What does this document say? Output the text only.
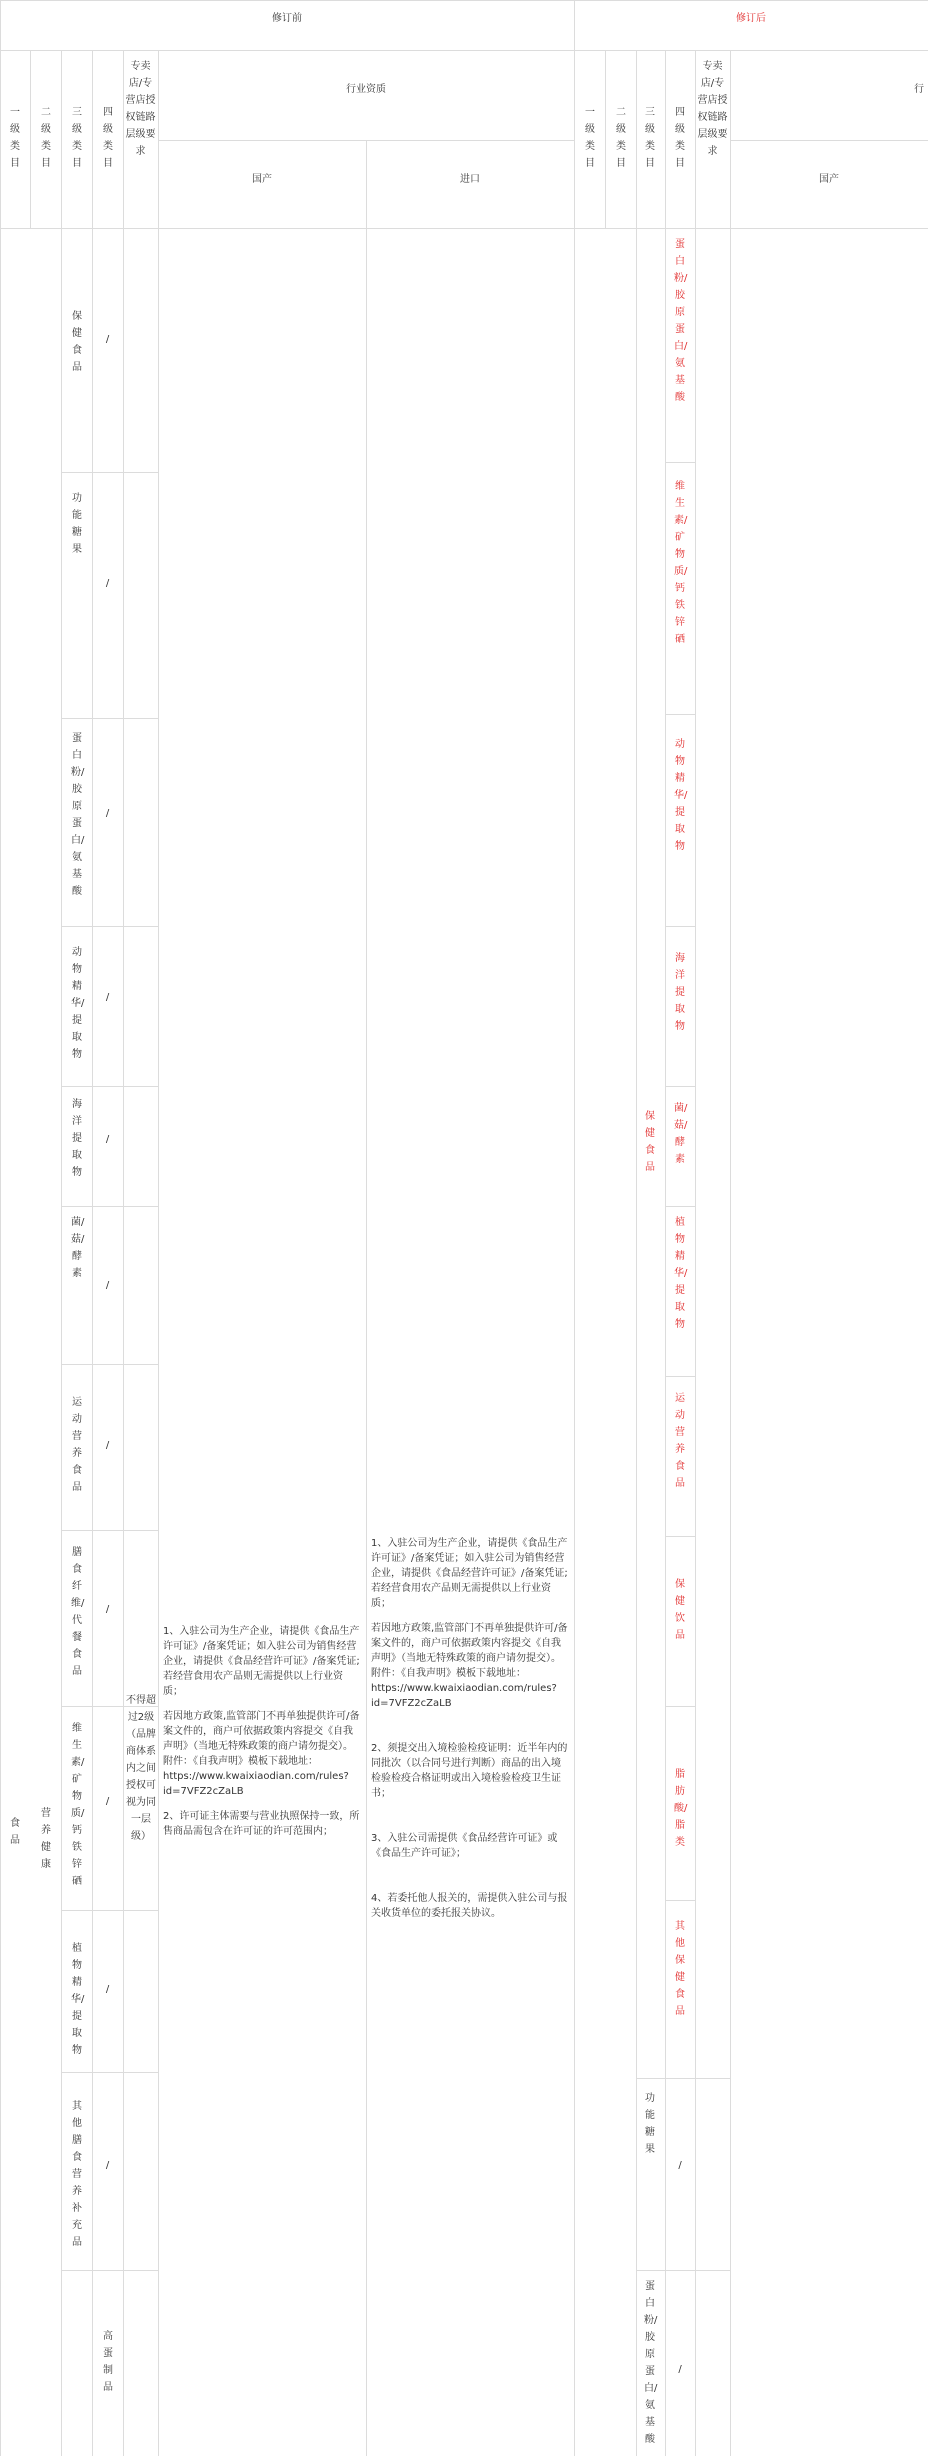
修订前	修订后
一级类目
二级类目
三级类目
四级类目
专卖店/专营店授权链路层级要求
行业资质
国产	进口
一级类目
二级类目
三级类目
四级类目
专卖店/专营店授权链路层级要求
行
国产
食品
营养健康
保健食品
功能糖果
蛋白粉/胶原蛋白/氨基酸
动物精华/提取物
海洋提取物
菌/菇/酵素
运动营养食品
膳食纤维/代餐食品
维生素/矿物质/钙铁锌硒
植物精华/提取物
其他膳食营养补充品
/
/
/
/
/
/
/
/
/
/
/
高蛋制品
不得超过2级（品牌商体系内之间授权可视为同一层级）
1、入驻公司为生产企业，请提供《食品生产许可证》/备案凭证；如入驻公司为销售经营企业，请提供《食品经营许可证》/备案凭证;若经营食用农产品则无需提供以上行业资质；
若因地方政策,监管部门不再单独提供许可/备案文件的，商户可依据政策内容提交《自我声明》（当地无特殊政策的商户请勿提交）。附件：《自我声明》模板下载地址：https://www.kwaixiaodian.com/rules?id=7VFZ2cZaLB
2、许可证主体需要与营业执照保持一致，所售商品需包含在许可证的许可范围内；
1、入驻公司为生产企业，请提供《食品生产许可证》/备案凭证；如入驻公司为销售经营企业，请提供《食品经营许可证》/备案凭证;若经营食用农产品则无需提供以上行业资质；
若因地方政策,监管部门不再单独提供许可/备案文件的，商户可依据政策内容提交《自我声明》（当地无特殊政策的商户请勿提交）。附件：《自我声明》模板下载地址：https://www.kwaixiaodian.com/rules?id=7VFZ2cZaLB
2、须提交出入境检验检疫证明：近半年内的同批次（以合同号进行判断）商品的出入境检验检疫合格证明或出入境检验检疫卫生证书；
3、入驻公司需提供《食品经营许可证》或《食品生产许可证》；
4、若委托他人报关的，需提供入驻公司与报关收货单位的委托报关协议。
保健食品
蛋白粉/胶原蛋白/氨基酸
维生素/矿物质/钙铁锌硒
动物精华/提取物
海洋提取物
菌/菇/酵素
植物精华/提取物
运动营养食品
保健饮品
脂肪酸/脂类
其他保健食品
功能糖果
/
蛋白粉/胶原蛋白/氨基酸
/
